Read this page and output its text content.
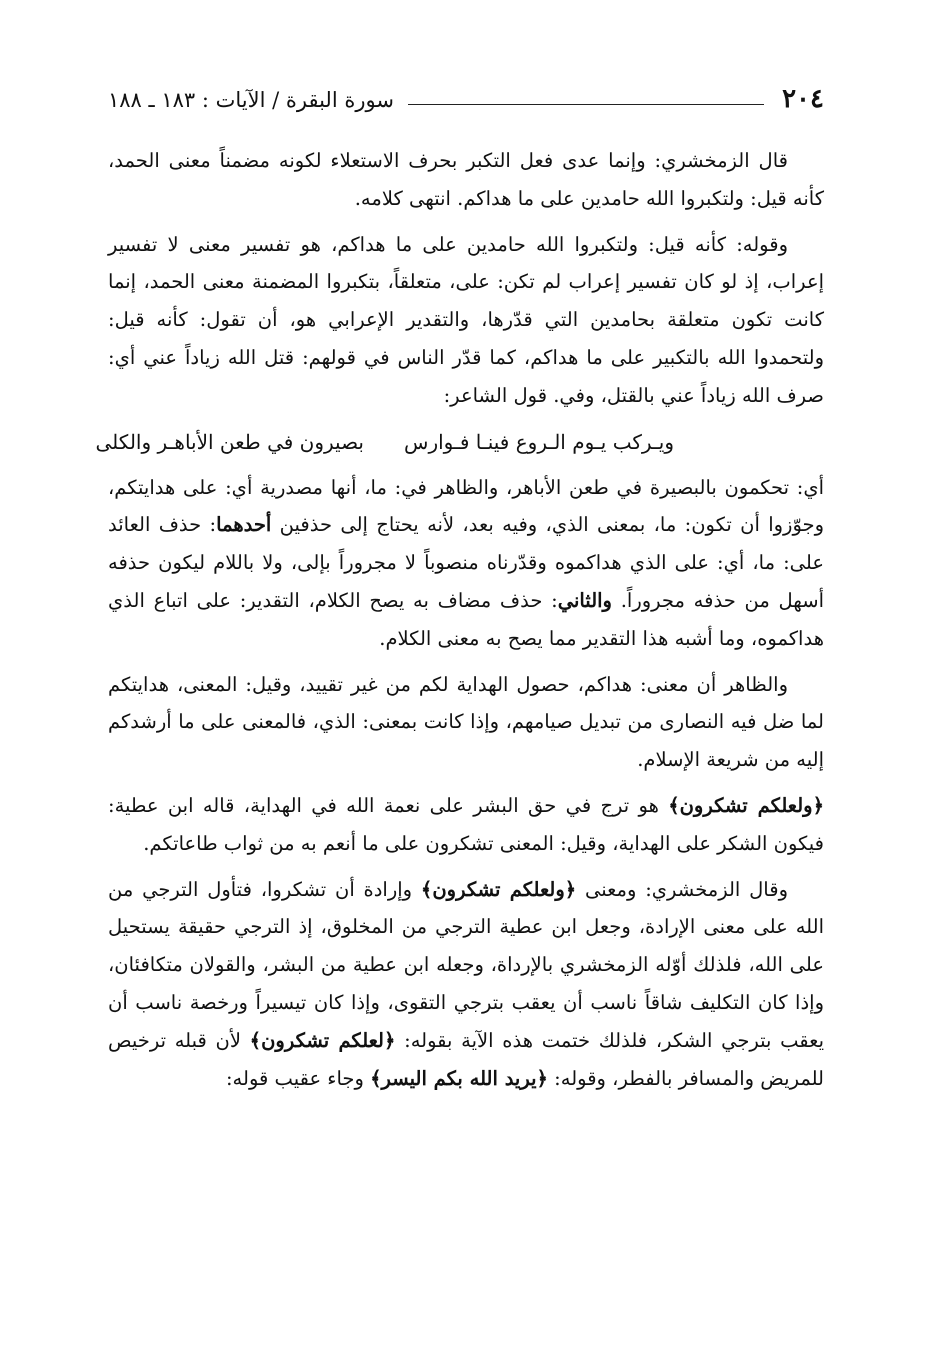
٢٠٤
سورة البقرة / الآيات : ١٨٣ ـ ١٨٨

قال الزمخشري: وإنما عدى فعل التكبر بحرف الاستعلاء لكونه مضمناً معنى الحمد، كأنه قيل: ولتكبروا الله حامدين على ما هداكم. انتهى كلامه.

وقوله: كأنه قيل: ولتكبروا الله حامدين على ما هداكم، هو تفسير معنى لا تفسير إعراب، إذ لو كان تفسير إعراب لم تكن: على، متعلقاً، بتكبروا المضمنة معنى الحمد، إنما كانت تكون متعلقة بحامدين التي قدّرها، والتقدير الإعرابي هو، أن تقول: كأنه قيل: ولتحمدوا الله بالتكبير على ما هداكم، كما قدّر الناس في قولهم: قتل الله زياداً عني أي: صرف الله زياداً عني بالقتل، وفي. قول الشاعر:

ويـركب يـوم الـروع فينـا فـوارس
بصيرون في طعن الأباهـر والكلى

أي: تحكمون بالبصيرة في طعن الأباهر، والظاهر في: ما، أنها مصدرية أي: على هدايتكم، وجوّزوا أن تكون: ما، بمعنى الذي، وفيه بعد، لأنه يحتاج إلى حذفين أحدهما: حذف العائد على: ما، أي: على الذي هداكموه وقدّرناه منصوباً لا مجروراً بإلى، ولا باللام ليكون حذفه أسهل من حذفه مجروراً. والثاني: حذف مضاف به يصح الكلام، التقدير: على اتباع الذي هداكموه، وما أشبه هذا التقدير مما يصح به معنى الكلام.

والظاهر أن معنى: هداكم، حصول الهداية لكم من غير تقييد، وقيل: المعنى، هدايتكم لما ضل فيه النصارى من تبديل صيامهم، وإذا كانت بمعنى: الذي، فالمعنى على ما أرشدكم إليه من شريعة الإسلام.

﴿ولعلكم تشكرون﴾ هو ترج في حق البشر على نعمة الله في الهداية، قاله ابن عطية: فيكون الشكر على الهداية، وقيل: المعنى تشكرون على ما أنعم به من ثواب طاعاتكم.

وقال الزمخشري: ومعنى ﴿ولعلكم تشكرون﴾ وإرادة أن تشكروا، فتأول الترجي من الله على معنى الإرادة، وجعل ابن عطية الترجي من المخلوق، إذ الترجي حقيقة يستحيل على الله، فلذلك أوّله الزمخشري بالإرداة، وجعله ابن عطية من البشر، والقولان متكافئان، وإذا كان التكليف شاقاً ناسب أن يعقب بترجي التقوى، وإذا كان تيسيراً ورخصة ناسب أن يعقب بترجي الشكر، فلذلك ختمت هذه الآية بقوله: ﴿لعلكم تشكرون﴾ لأن قبله ترخيص للمريض والمسافر بالفطر، وقوله: ﴿يريد الله بكم اليسر﴾ وجاء عقيب قوله:
